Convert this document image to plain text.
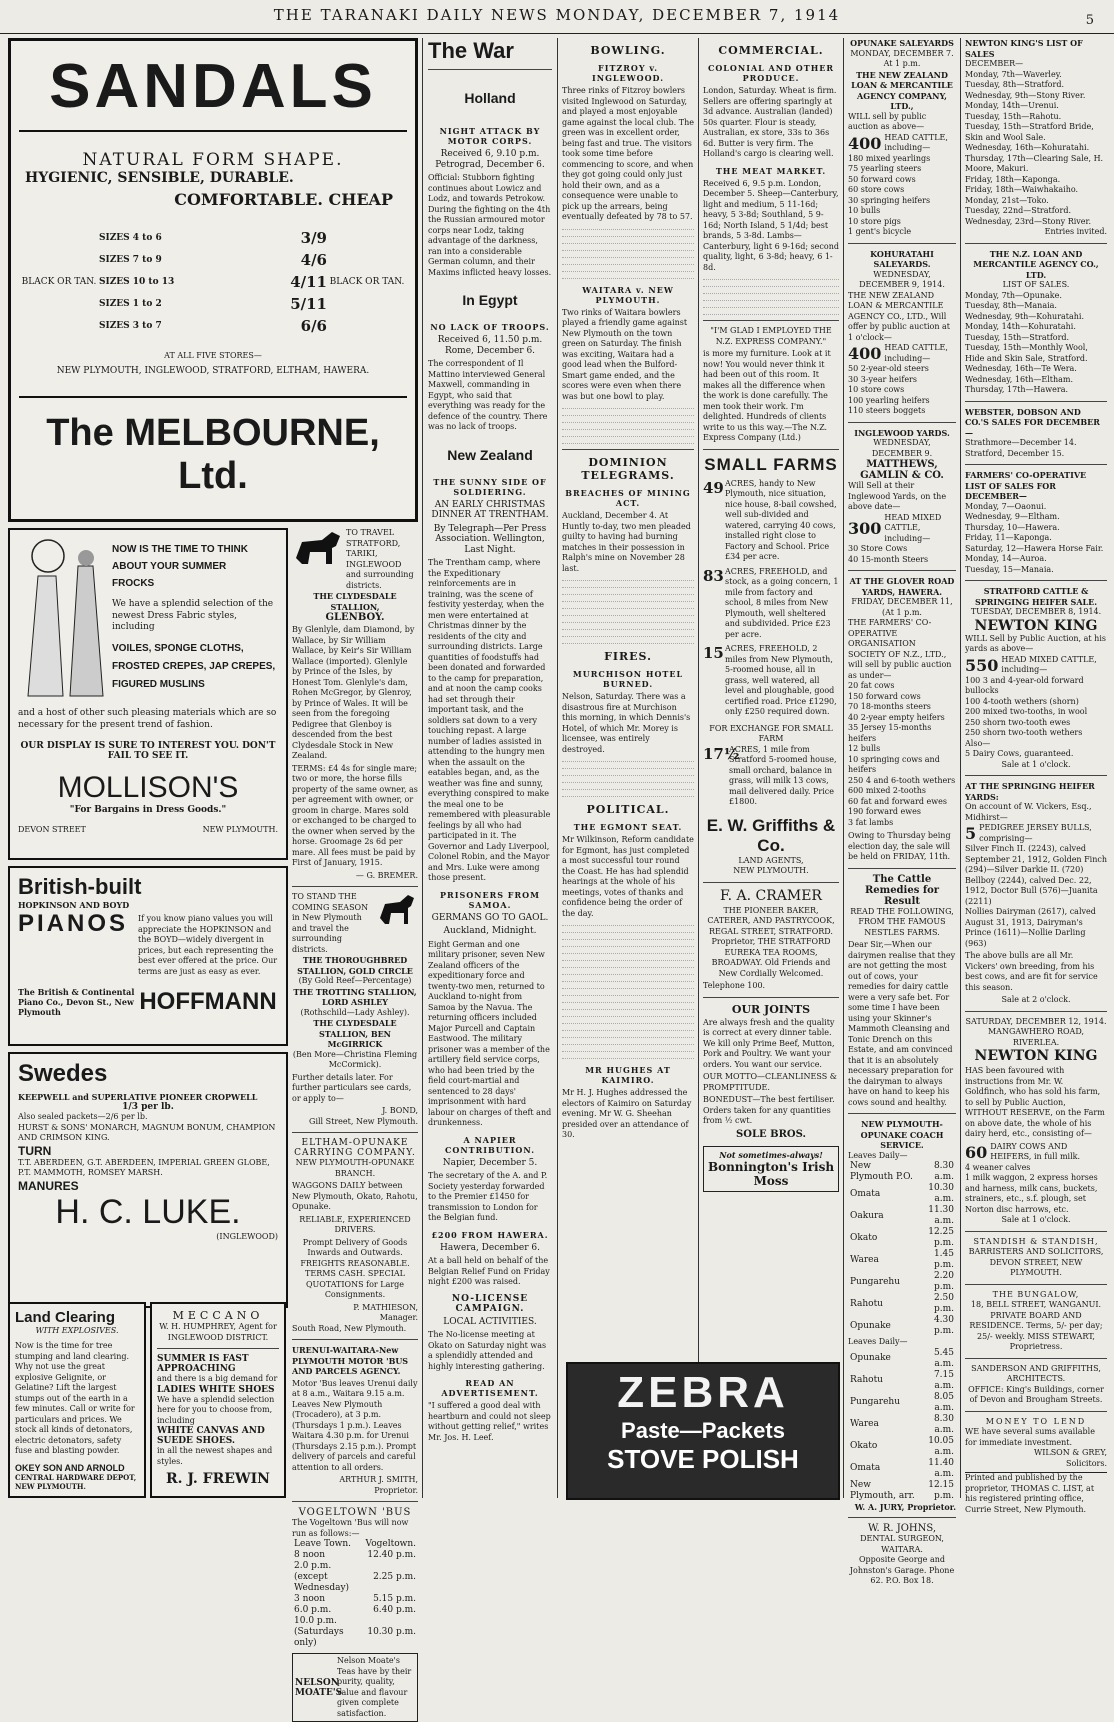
THE TARANAKI DAILY NEWS MONDAY, DECEMBER 7, 1914	5
SANDALS
NATURAL FORM SHAPE.
HYGIENIC, SENSIBLE, DURABLE.
COMFORTABLE. CHEAP
BLACK OR TAN.
SIZES 4 to 6	3/9
SIZES 7 to 9	4/6
SIZES 10 to 13	4/11
SIZES 1 to 2	5/11
SIZES 3 to 7	6/6
BLACK OR TAN.
AT ALL FIVE STORES—
NEW PLYMOUTH, INGLEWOOD, STRATFORD, ELTHAM, HAWERA.
The MELBOURNE, Ltd.
NOW IS THE TIME TO THINK
ABOUT YOUR SUMMER
FROCKS

We have a splendid selection of the newest Dress Fabric styles, including

VOILES, SPONGE CLOTHS, FROSTED CREPES, JAP CREPES, FIGURED MUSLINS

and a host of other such pleasing materials which are so necessary for the present trend of fashion.

OUR DISPLAY IS SURE TO INTEREST YOU. DON'T FAIL TO SEE IT.

MOLLISON'S
"For Bargains in Dress Goods."
DEVON STREET	NEW PLYMOUTH.
British-built
HOPKINSON AND BOYD
PIANOS	If you know piano values you will appreciate the HOPKINSON and the BOYD—widely divergent in prices, but each representing the best ever offered at the price. Our terms are just as easy as ever.

The British & Continental Piano Co., Devon St., New Plymouth	HOFFMANN
Swedes
KEEPWELL and SUPERLATIVE PIONEER CROPWELL
1/3 per lb.
Also sealed packets—2/6 per lb.
HURST & SONS' MONARCH, MAGNUM BONUM, CHAMPION AND CRIMSON KING.
TURN
T.T. ABERDEEN, G.T. ABERDEEN, IMPERIAL GREEN GLOBE, P.T. MAMMOTH, ROMSEY MARSH.
MANURES
H. C. LUKE.
(INGLEWOOD)
Land Clearing
WITH EXPLOSIVES.

Now is the time for tree stumping and land clearing. Why not use the great explosive Gelignite, or Gelatine? Lift the largest stumps out of the earth in a few minutes. Call or write for particulars and prices. We stock all kinds of detonators, electric detonators, safety fuse and blasting powder.

OKEY SON AND ARNOLD
CENTRAL HARDWARE DEPOT, NEW PLYMOUTH.
MECCANO
W. H. HUMPHREY, Agent for
INGLEWOOD DISTRICT.
SUMMER IS FAST APPROACHING
and there is a big demand for
LADIES WHITE SHOES
We have a splendid selection here for you to choose from, including
WHITE CANVAS AND SUEDE SHOES.
in all the newest shapes and styles.
R. J. FREWIN
TO TRAVEL STRATFORD, TARIKI, INGLEWOOD and surrounding districts.
THE CLYDESDALE STALLION,
GLENBOY.

By Glenlyle, dam Diamond, by Wallace, by Sir William Wallace, by Keir's Sir William Wallace (imported). Glenlyle by Prince of the Isles, by Honest Tom. Glenlyle's dam, Rohen McGregor, by Glenroy, by Prince of Wales. It will be seen from the foregoing Pedigree that Glenboy is descended from the best Clydesdale Stock in New Zealand.

TERMS: £4 4s for single mare; two or more, the horse fills property of the same owner, as per agreement with owner, or groom in charge. Mares sold or exchanged to be charged to the owner when served by the horse. Groomage 2s 6d per mare. All fees must be paid by First of January, 1915.

— G. BREMER.
TO STAND THE COMING SEASON in New Plymouth and travel the surrounding districts.
THE THOROUGHBRED STALLION, GOLD CIRCLE
(By Gold Reef—Percentage)
THE TROTTING STALLION, LORD ASHLEY
(Rothschild—Lady Ashley).
THE CLYDESDALE STALLION, BEN McGIRRICK
(Ben More—Christina Fleming McCormick).

Further details later. For further particulars see cards, or apply to—

J. BOND,
Gill Street, New Plymouth.
ELTHAM-OPUNAKE CARRYING COMPANY.
NEW PLYMOUTH-OPUNAKE BRANCH.

WAGGONS DAILY between New Plymouth, Okato, Rahotu, Opunake.

RELIABLE, EXPERIENCED DRIVERS.

Prompt Delivery of Goods Inwards and Outwards. FREIGHTS REASONABLE. TERMS CASH. SPECIAL QUOTATIONS for Large Consignments.

P. MATHIESON,
Manager.
South Road, New Plymouth.
URENUI-WAITARA-New PLYMOUTH MOTOR 'BUS AND PARCELS AGENCY.

Motor 'Bus leaves Urenui daily at 8 a.m., Waitara 9.15 a.m. Leaves New Plymouth (Trocadero), at 3 p.m. (Thursdays 1 p.m.). Leaves Waitara 4.30 p.m. for Urenui (Thursdays 2.15 p.m.). Prompt delivery of parcels and careful attention to all orders.

ARTHUR J. SMITH,
Proprietor.
VOGELTOWN 'BUS
The Vogeltown 'Bus will now run as follows:—
Leave Town.	Vogeltown.
8 noon	12.40 p.m.
2.0 p.m. (except Wednesday)	2.25 p.m.
3 noon	5.15 p.m.
6.0 p.m.	6.40 p.m.
10.0 p.m. (Saturdays only)	10.30 p.m.
NELSON MOATE'S
Nelson Moate's Teas have by their purity, quality, value and flavour given complete satisfaction.
The War
Holland
NIGHT ATTACK BY MOTOR CORPS.
Received 6, 9.10 p.m. Petrograd, December 6.

Official: Stubborn fighting continues about Lowicz and Lodz, and towards Petrokow. During the fighting on the 4th the Russian armoured motor corps near Lodz, taking advantage of the darkness, ran into a considerable German column, and their Maxims inflicted heavy losses.

In Egypt
NO LACK OF TROOPS.
Received 6, 11.50 p.m. Rome, December 6.

The correspondent of Il Mattino interviewed General Maxwell, commanding in Egypt, who said that everything was ready for the defence of the country. There was no lack of troops.

New Zealand
THE SUNNY SIDE OF SOLDIERING.
AN EARLY CHRISTMAS DINNER AT TRENTHAM.
By Telegraph—Per Press Association. Wellington, Last Night.

The Trentham camp, where the Expeditionary reinforcements are in training, was the scene of festivity yesterday, when the men were entertained at Christmas dinner by the residents of the city and surrounding districts. Large quantities of foodstuffs had been donated and forwarded to the camp for preparation, and at noon the camp cooks had set through their important task, and the soldiers sat down to a very touching repast. A large number of ladies assisted in attending to the hungry men when the assault on the eatables began, and, as the weather was fine and sunny, everything conspired to make the meal one to be remembered with pleasurable feelings by all who had participated in it. The Governor and Lady Liverpool, Colonel Robin, and the Mayor and Mrs. Luke were among those present.

PRISONERS FROM SAMOA.
GERMANS GO TO GAOL.
Auckland, Midnight.

Eight German and one military prisoner, seven New Zealand officers of the expeditionary force and twenty-two men, returned to Auckland to-night from Samoa by the Navua. The returning officers included Major Purcell and Captain Eastwood. The military prisoner was a member of the artillery field service corps, who had been tried by the field court-martial and sentenced to 28 days' imprisonment with hard labour on charges of theft and drunkenness.

A NAPIER CONTRIBUTION.
Napier, December 5.

The secretary of the A. and P. Society yesterday forwarded to the Premier £1450 for transmission to London for the Belgian fund.

£200 FROM HAWERA.
Hawera, December 6.

At a ball held on behalf of the Belgian Relief Fund on Friday night £200 was raised.

NO-LICENSE CAMPAIGN.
LOCAL ACTIVITIES.

The No-license meeting at Okato on Saturday night was a splendidly attended and highly interesting gathering.

READ AN ADVERTISEMENT.

"I suffered a good deal with heartburn and could not sleep without getting relief," writes Mr. Jos. H. Leef.

BOWLING.
FITZROY v. INGLEWOOD.

Three rinks of Fitzroy bowlers visited Inglewood on Saturday, and played a most enjoyable game against the local club. The green was in excellent order, being fast and true. The visitors took some time before commencing to score, and when they got going could only just hold their own, and as a consequence were unable to pick up the arrears, being eventually defeated by 78 to 57.

WAITARA v. NEW PLYMOUTH.

Two rinks of Waitara bowlers played a friendly game against New Plymouth on the town green on Saturday. The finish was exciting, Waitara had a good lead when the Bulford-Smart game ended, and the scores were even when there was but one bowl to play.

DOMINION TELEGRAMS.
BREACHES OF MINING ACT.

Auckland, December 4. At Huntly to-day, two men pleaded guilty to having had burning matches in their possession in Ralph's mine on November 28 last.

FIRES.
MURCHISON HOTEL BURNED.

Nelson, Saturday. There was a disastrous fire at Murchison this morning, in which Dennis's Hotel, of which Mr. Morey is licensee, was entirely destroyed.

POLITICAL.
THE EGMONT SEAT.

Mr Wilkinson, Reform candidate for Egmont, has just completed a most successful tour round the Coast. He has had splendid hearings at the whole of his meetings, votes of thanks and confidence being the order of the day.

MR HUGHES AT KAIMIRO.

Mr H. J. Hughes addressed the electors of Kaimiro on Saturday evening. Mr W. G. Sheehan presided over an attendance of 30.

COMMERCIAL.
COLONIAL AND OTHER PRODUCE.

London, Saturday. Wheat is firm. Sellers are offering sparingly at 3d advance. Australian (landed) 50s quarter. Flour is steady, Australian, ex store, 33s to 36s 6d. Butter is very firm. The Holland's cargo is clearing well.

THE MEAT MARKET.

Received 6, 9.5 p.m. London, December 5. Sheep—Canterbury, light and medium, 5 11-16d; heavy, 5 3-8d; Southland, 5 9-16d; North Island, 5 1/4d; best brands, 5 3-8d. Lambs—Canterbury, light 6 9-16d; second quality, light, 6 3-8d; heavy, 6 1-8d.

"I'M GLAD I EMPLOYED THE N.Z. EXPRESS COMPANY."

is more my furniture. Look at it now! You would never think it had been out of this room. It makes all the difference when the work is done carefully. The men took their work. I'm delighted. Hundreds of clients write to us this way.—The N.Z. Express Company (Ltd.)

SMALL FARMS
49 ACRES, handy to New Plymouth, nice situation, nice house, 8-bail cowshed, well sub-divided and watered, carrying 40 cows, installed right close to Factory and School. Price £34 per acre.
83 ACRES, FREEHOLD, and stock, as a going concern, 1 mile from factory and school, 8 miles from New Plymouth, well sheltered and subdivided. Price £23 per acre.
15 ACRES, FREEHOLD, 2 miles from New Plymouth, 5-roomed house, all in grass, well watered, all level and ploughable, good certified road. Price £1290, only £250 required down.
FOR EXCHANGE FOR SMALL FARM
17½
ACRES, 1 mile from Stratford 5-roomed house, small orchard, balance in grass, will milk 13 cows, mail delivered daily. Price £1800.
E. W. Griffiths & Co.
LAND AGENTS,
NEW PLYMOUTH.
F. A. CRAMER

THE PIONEER BAKER, CATERER, AND PASTRYCOOK, REGAL STREET, STRATFORD. Proprietor, THE STRATFORD EUREKA TEA ROOMS, BROADWAY. Old Friends and New Cordially Welcomed.

Telephone 100.
OUR JOINTS

Are always fresh and the quality is correct at every dinner table. We kill only Prime Beef, Mutton, Pork and Poultry. We want your orders. You want our service.

OUR MOTTO—CLEANLINESS & PROMPTITUDE.

BONEDUST—The best fertiliser. Orders taken for any quantities from ½ cwt.

SOLE BROS.
Not sometimes-always!
Bonnington's Irish Moss
ZEBRA
Paste—Packets
STOVE POLISH
OPUNAKE SALEYARDS
MONDAY, DECEMBER 7. At 1 p.m.
THE NEW ZEALAND LOAN & MERCANTILE AGENCY COMPANY, LTD.,
WILL sell by public auction as above—
400 HEAD CATTLE, including—
180 mixed yearlings
75 yearling steers
50 forward cows
60 store cows
30 springing heifers
10 bulls
10 store pigs
1 gent's bicycle
KOHURATAHI SALEYARDS.
WEDNESDAY, DECEMBER 9, 1914.
THE NEW ZEALAND LOAN & MERCANTILE AGENCY CO., LTD., Will offer by public auction at 1 o'clock—
400 HEAD CATTLE, including—
50 2-year-old steers
30 3-year heifers
10 store cows
100 yearling heifers
110 steers boggets
INGLEWOOD YARDS.
WEDNESDAY, DECEMBER 9.
MATTHEWS, GAMLIN & CO.
Will Sell at their Inglewood Yards, on the above date—
300
HEAD MIXED CATTLE, including—
30 Store Cows
40 15-month Steers
AT THE GLOVER ROAD YARDS, HAWERA.
FRIDAY, DECEMBER 11, (At 1 p.m.
THE FARMERS' CO-OPERATIVE ORGANISATION SOCIETY OF N.Z., LTD., will sell by public auction as under—
20 fat cows
150 forward cows
70 18-months steers
40 2-year empty heifers
35 Jersey 15-months heifers
12 bulls
10 springing cows and heifers
250 4 and 6-tooth wethers
600 mixed 2-tooths
60 fat and forward ewes
190 forward ewes
3 fat lambs
Owing to Thursday being election day, the sale will be held on FRIDAY, 11th.
The Cattle Remedies for Result
READ THE FOLLOWING, FROM THE FAMOUS NESTLES FARMS.

Dear Sir,—When our dairymen realise that they are not getting the most out of cows, your remedies for dairy cattle were a very safe bet. For some time I have been using your Skinner's Mammoth Cleansing and Tonic Drench on this Estate, and am convinced that it is an absolutely necessary preparation for the dairyman to always have on hand to keep his cows sound and healthy.

NEW PLYMOUTH-OPUNAKE COACH SERVICE.
Leaves Daily—
New Plymouth P.O.	8.30 a.m.
Omata	10.30 a.m.
Oakura	11.30 a.m.
Okato	12.25 p.m.
Warea	1.45 p.m.
Pungarehu	2.20 p.m.
Rahotu	2.50 p.m.
Opunake	4.30 p.m.
Leaves Daily—
Opunake	5.45 a.m.
Rahotu	7.15 a.m.
Pungarehu	8.05 a.m.
Warea	8.30 a.m.
Okato	10.05 a.m.
Omata	11.40 a.m.
New Plymouth, arr.	12.15 p.m.
W. A. JURY, Proprietor.
W. R. JOHNS,
DENTAL SURGEON, WAITARA.
Opposite George and Johnston's Garage. Phone 62. P.O. Box 18.
NEWTON KING'S LIST OF SALES
DECEMBER—
Monday, 7th—Waverley.
Tuesday, 8th—Stratford.
Wednesday, 9th—Stony River.
Monday, 14th—Urenui.
Tuesday, 15th—Rahotu.
Tuesday, 15th—Stratford Bride, Skin and Wool Sale.
Wednesday, 16th—Kohuratahi.
Thursday, 17th—Clearing Sale, H. Moore, Makuri.
Friday, 18th—Kaponga.
Friday, 18th—Waiwhakaiho.
Monday, 21st—Toko.
Tuesday, 22nd—Stratford.
Wednesday, 23rd—Stony River.
Entries invited.
THE N.Z. LOAN AND MERCANTILE AGENCY CO., LTD.
LIST OF SALES.
Monday, 7th—Opunake.
Tuesday, 8th—Manaia.
Wednesday, 9th—Kohuratahi.
Monday, 14th—Kohuratahi.
Tuesday, 15th—Stratford.
Tuesday, 15th—Monthly Wool, Hide and Skin Sale, Stratford.
Wednesday, 16th—Te Wera.
Wednesday, 16th—Eltham.
Thursday, 17th—Hawera.
WEBSTER, DOBSON AND CO.'S SALES FOR DECEMBER—
Strathmore—December 14.
Stratford, December 15.
FARMERS' CO-OPERATIVE LIST OF SALES FOR DECEMBER—
Monday, 7—Oaonui.
Wednesday, 9—Eltham.
Thursday, 10—Hawera.
Friday, 11—Kaponga.
Saturday, 12—Hawera Horse Fair.
Monday, 14—Auroa.
Tuesday, 15—Manaia.
STRATFORD CATTLE & SPRINGING HEIFER SALE.
TUESDAY, DECEMBER 8, 1914.
NEWTON KING
WILL Sell by Public Auction, at his yards as above—
550 HEAD MIXED CATTLE, including—
100 3 and 4-year-old forward bullocks
100 4-tooth wethers (shorn)
200 mixed two-tooths, in wool
250 shorn two-tooth ewes
250 shorn two-tooth wethers
Also—
5 Dairy Cows, guaranteed.
Sale at 1 o'clock.
AT THE SPRINGING HEIFER YARDS:
On account of W. Vickers, Esq., Midhirst—
5 PEDIGREE JERSEY BULLS, comprising—
Silver Finch II. (2243), calved September 21, 1912, Golden Finch (294)—Silver Darkie II. (720)
Bellboy (2244), calved Dec. 22, 1912, Doctor Bull (576)—Juanita (2211)
Nollies Dairyman (2617), calved August 31, 1913, Dairyman's Prince (1611)—Nollie Darling (963)

The above bulls are all Mr. Vickers' own breeding, from his best cows, and are fit for service this season.

Sale at 2 o'clock.
SATURDAY, DECEMBER 12, 1914.
MANGAWHERO ROAD, RIVERLEA.
NEWTON KING

HAS been favoured with instructions from Mr. W. Goldfinch, who has sold his farm, to sell by Public Auction, WITHOUT RESERVE, on the Farm on above date, the whole of his dairy herd, etc., consisting of—

60 DAIRY COWS AND HEIFERS, in full milk.
4 weaner calves
1 milk waggon, 2 express horses and harness, milk cans, buckets, strainers, etc., s.f. plough, set Norton disc harrows, etc.
Sale at 1 o'clock.
STANDISH & STANDISH,
BARRISTERS AND SOLICITORS, DEVON STREET, NEW PLYMOUTH.
THE BUNGALOW,
18, BELL STREET, WANGANUI.
PRIVATE BOARD AND RESIDENCE. Terms, 5/- per day; 25/- weekly. MISS STEWART, Proprietress.
SANDERSON AND GRIFFITHS, ARCHITECTS.
OFFICE: King's Buildings, corner of Devon and Brougham Streets.
MONEY TO LEND
WE have several sums available for immediate investment.
WILSON & GREY,
Solicitors.
Printed and published by the proprietor, THOMAS C. LIST, at his registered printing office, Currie Street, New Plymouth.
